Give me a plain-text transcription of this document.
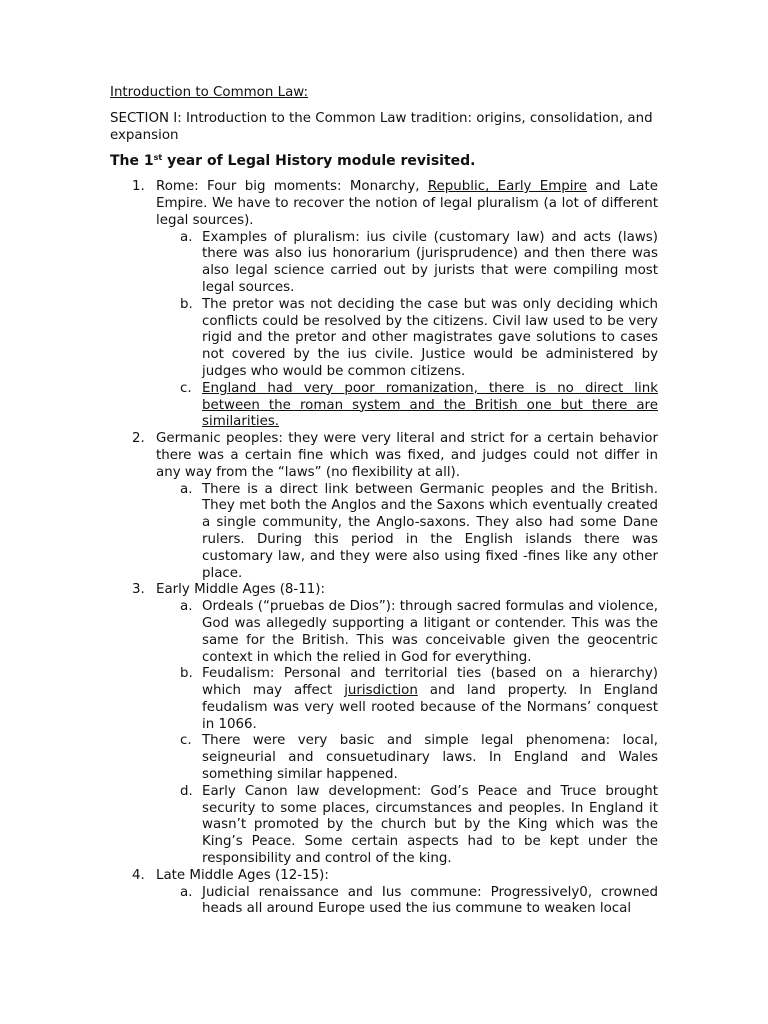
Introduction to Common Law:

SECTION I: Introduction to the Common Law tradition: origins, consolidation, and expansion

The 1st year of Legal History module revisited.

1. Rome: Four big moments: Monarchy, Republic, Early Empire and Late Empire. We have to recover the notion of legal pluralism (a lot of different legal sources).
a. Examples of pluralism: ius civile (customary law) and acts (laws) there was also ius honorarium (jurisprudence) and then there was also legal science carried out by jurists that were compiling most legal sources.
b. The pretor was not deciding the case but was only deciding which conflicts could be resolved by the citizens. Civil law used to be very rigid and the pretor and other magistrates gave solutions to cases not covered by the ius civile. Justice would be administered by judges who would be common citizens.
c. England had very poor romanization, there is no direct link between the roman system and the British one but there are similarities.
2. Germanic peoples: they were very literal and strict for a certain behavior there was a certain fine which was fixed, and judges could not differ in any way from the “laws” (no flexibility at all).
a. There is a direct link between Germanic peoples and the British. They met both the Anglos and the Saxons which eventually created a single community, the Anglo-saxons. They also had some Dane rulers. During this period in the English islands there was customary law, and they were also using fixed -fines like any other place.
3. Early Middle Ages (8-11):
a. Ordeals (“pruebas de Dios”): through sacred formulas and violence, God was allegedly supporting a litigant or contender. This was the same for the British. This was conceivable given the geocentric context in which the relied in God for everything.
b. Feudalism: Personal and territorial ties (based on a hierarchy) which may affect jurisdiction and land property. In England feudalism was very well rooted because of the Normans’ conquest in 1066.
c. There were very basic and simple legal phenomena: local, seigneurial and consuetudinary laws. In England and Wales something similar happened.
d. Early Canon law development: God’s Peace and Truce brought security to some places, circumstances and peoples. In England it wasn’t promoted by the church but by the King which was the King’s Peace. Some certain aspects had to be kept under the responsibility and control of the king.
4. Late Middle Ages (12-15):
a. Judicial renaissance and Ius commune: Progressively0, crowned heads all around Europe used the ius commune to weaken local
